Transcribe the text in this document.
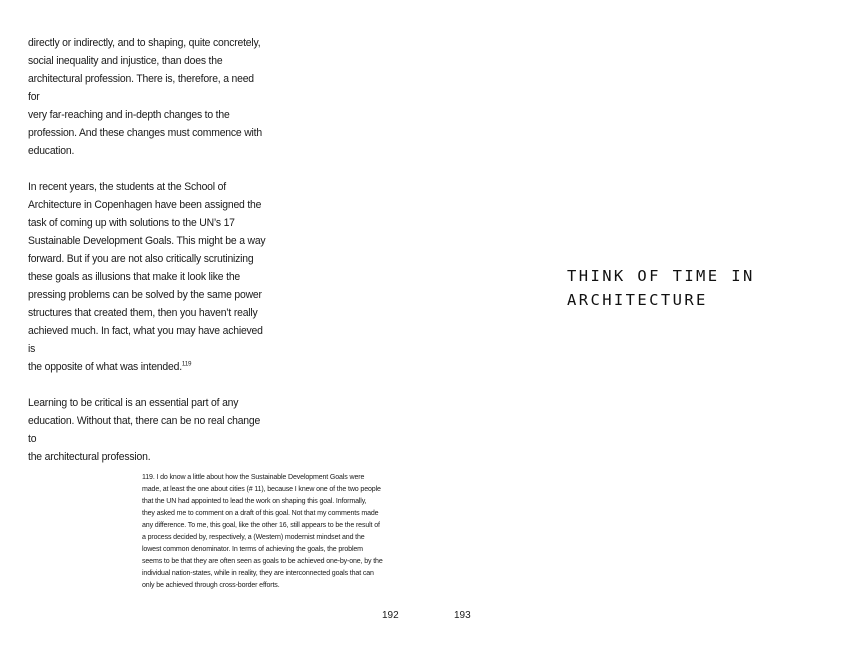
directly or indirectly, and to shaping, quite concretely,
social inequality and injustice, than does the
architectural profession. There is, therefore, a need for
very far-reaching and in-depth changes to the
profession. And these changes must commence with
education.

In recent years, the students at the School of
Architecture in Copenhagen have been assigned the
task of coming up with solutions to the UN’s 17
Sustainable Development Goals. This might be a way
forward. But if you are not also critically scrutinizing
these goals as illusions that make it look like the
pressing problems can be solved by the same power
structures that created them, then you haven’t really
achieved much. In fact, what you may have achieved is
the opposite of what was intended.$^{119}$

Learning to be critical is an essential part of any
education. Without that, there can be no real change to
the architectural profession.

119. I do know a little about how the Sustainable Development Goals were
made, at least the one about cities (# 11), because I knew one of the two people
that the UN had appointed to lead the work on shaping this goal. Informally,
they asked me to comment on a draft of this goal. Not that my comments made
any difference. To me, this goal, like the other 16, still appears to be the result of
a process decided by, respectively, a (Western) modernist mindset and the
lowest common denominator. In terms of achieving the goals, the problem
seems to be that they are often seen as goals to be achieved one-by-one, by the
individual nation-states, while in reality, they are interconnected goals that can
only be achieved through cross-border efforts.
192
THINK OF TIME IN
ARCHITECTURE
193
